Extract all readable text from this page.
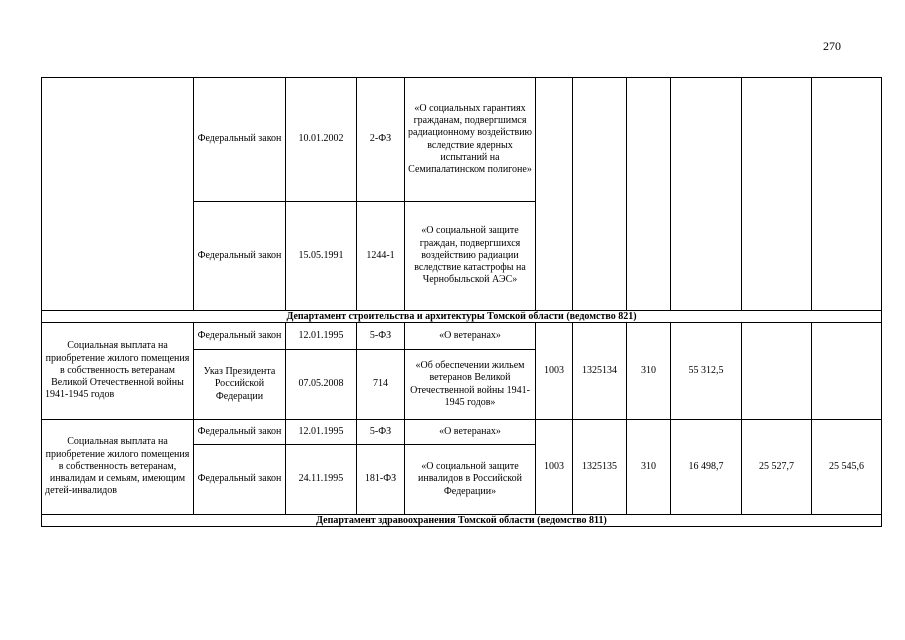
270
	Федеральный закон	10.01.2002	2-ФЗ	«О социальных гарантиях гражданам, подвергшимся радиационному воздействию вследствие ядерных испытаний на Семипалатинском полигоне»						
	Федеральный закон	15.05.1991	1244-1	«О социальной защите граждан, подвергшихся воздействию радиации вследствие катастрофы на Чернобыльской АЭС»						
Департамент строительства и архитектуры Томской области (ведомство 821)										

Социальная выплата на приобретение жилого помещения в собственность ветеранам Великой Отечественной войны 1941-1945 годов	Федеральный закон	12.01.1995	5-ФЗ	«О ветеранах»	1003	1325134	310	55 312,5		
	Указ Президента Российской Федерации	07.05.2008	714	«Об обеспечении жильем ветеранов Великой Отечественной войны 1941-1945 годов»						

Социальная выплата на приобретение жилого помещения в собственность ветеранам, инвалидам и семьям, имеющим детей-инвалидов	Федеральный закон	12.01.1995	5-ФЗ	«О ветеранах»	1003	1325135	310	16 498,7	25 527,7	25 545,6
	Федеральный закон	24.11.1995	181-ФЗ	«О социальной защите инвалидов в Российской Федерации»						
Департамент здравоохранения Томской области (ведомство 811)										
